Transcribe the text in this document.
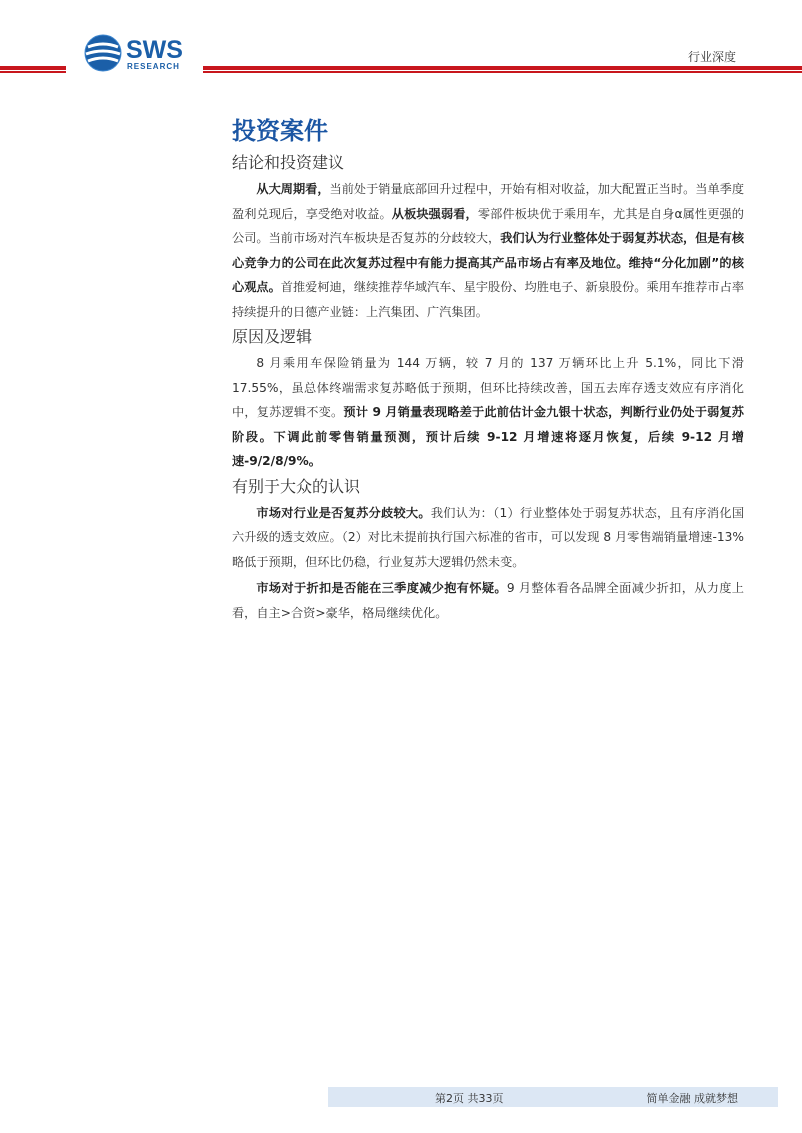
SWS
RESEARCH
行业深度
投资案件
结论和投资建议

从大周期看，当前处于销量底部回升过程中，开始有相对收益，加大配置正当时。当单季度盈利兑现后，享受绝对收益。从板块强弱看，零部件板块优于乘用车，尤其是自身α属性更强的公司。当前市场对汽车板块是否复苏的分歧较大，我们认为行业整体处于弱复苏状态，但是有核心竞争力的公司在此次复苏过程中有能力提高其产品市场占有率及地位。维持“分化加剧”的核心观点。首推爱柯迪，继续推荐华域汽车、星宇股份、均胜电子、新泉股份。乘用车推荐市占率持续提升的日德产业链：上汽集团、广汽集团。

原因及逻辑

8 月乘用车保险销量为 144 万辆，较 7 月的 137 万辆环比上升 5.1%，同比下滑 17.55%，虽总体终端需求复苏略低于预期，但环比持续改善，国五去库存透支效应有序消化中，复苏逻辑不变。预计 9 月销量表现略差于此前估计金九银十状态，判断行业仍处于弱复苏阶段。下调此前零售销量预测，预计后续 9-12 月增速将逐月恢复，后续 9-12 月增速-9/2/8/9%。

有别于大众的认识

市场对行业是否复苏分歧较大。我们认为：（1）行业整体处于弱复苏状态，且有序消化国六升级的透支效应。（2）对比未提前执行国六标准的省市，可以发现 8 月零售端销量增速-13%略低于预期，但环比仍稳，行业复苏大逻辑仍然未变。

市场对于折扣是否能在三季度减少抱有怀疑。9 月整体看各品牌全面减少折扣，从力度上看，自主>合资>豪华，格局继续优化。

第2页 共33页	简单金融 成就梦想
